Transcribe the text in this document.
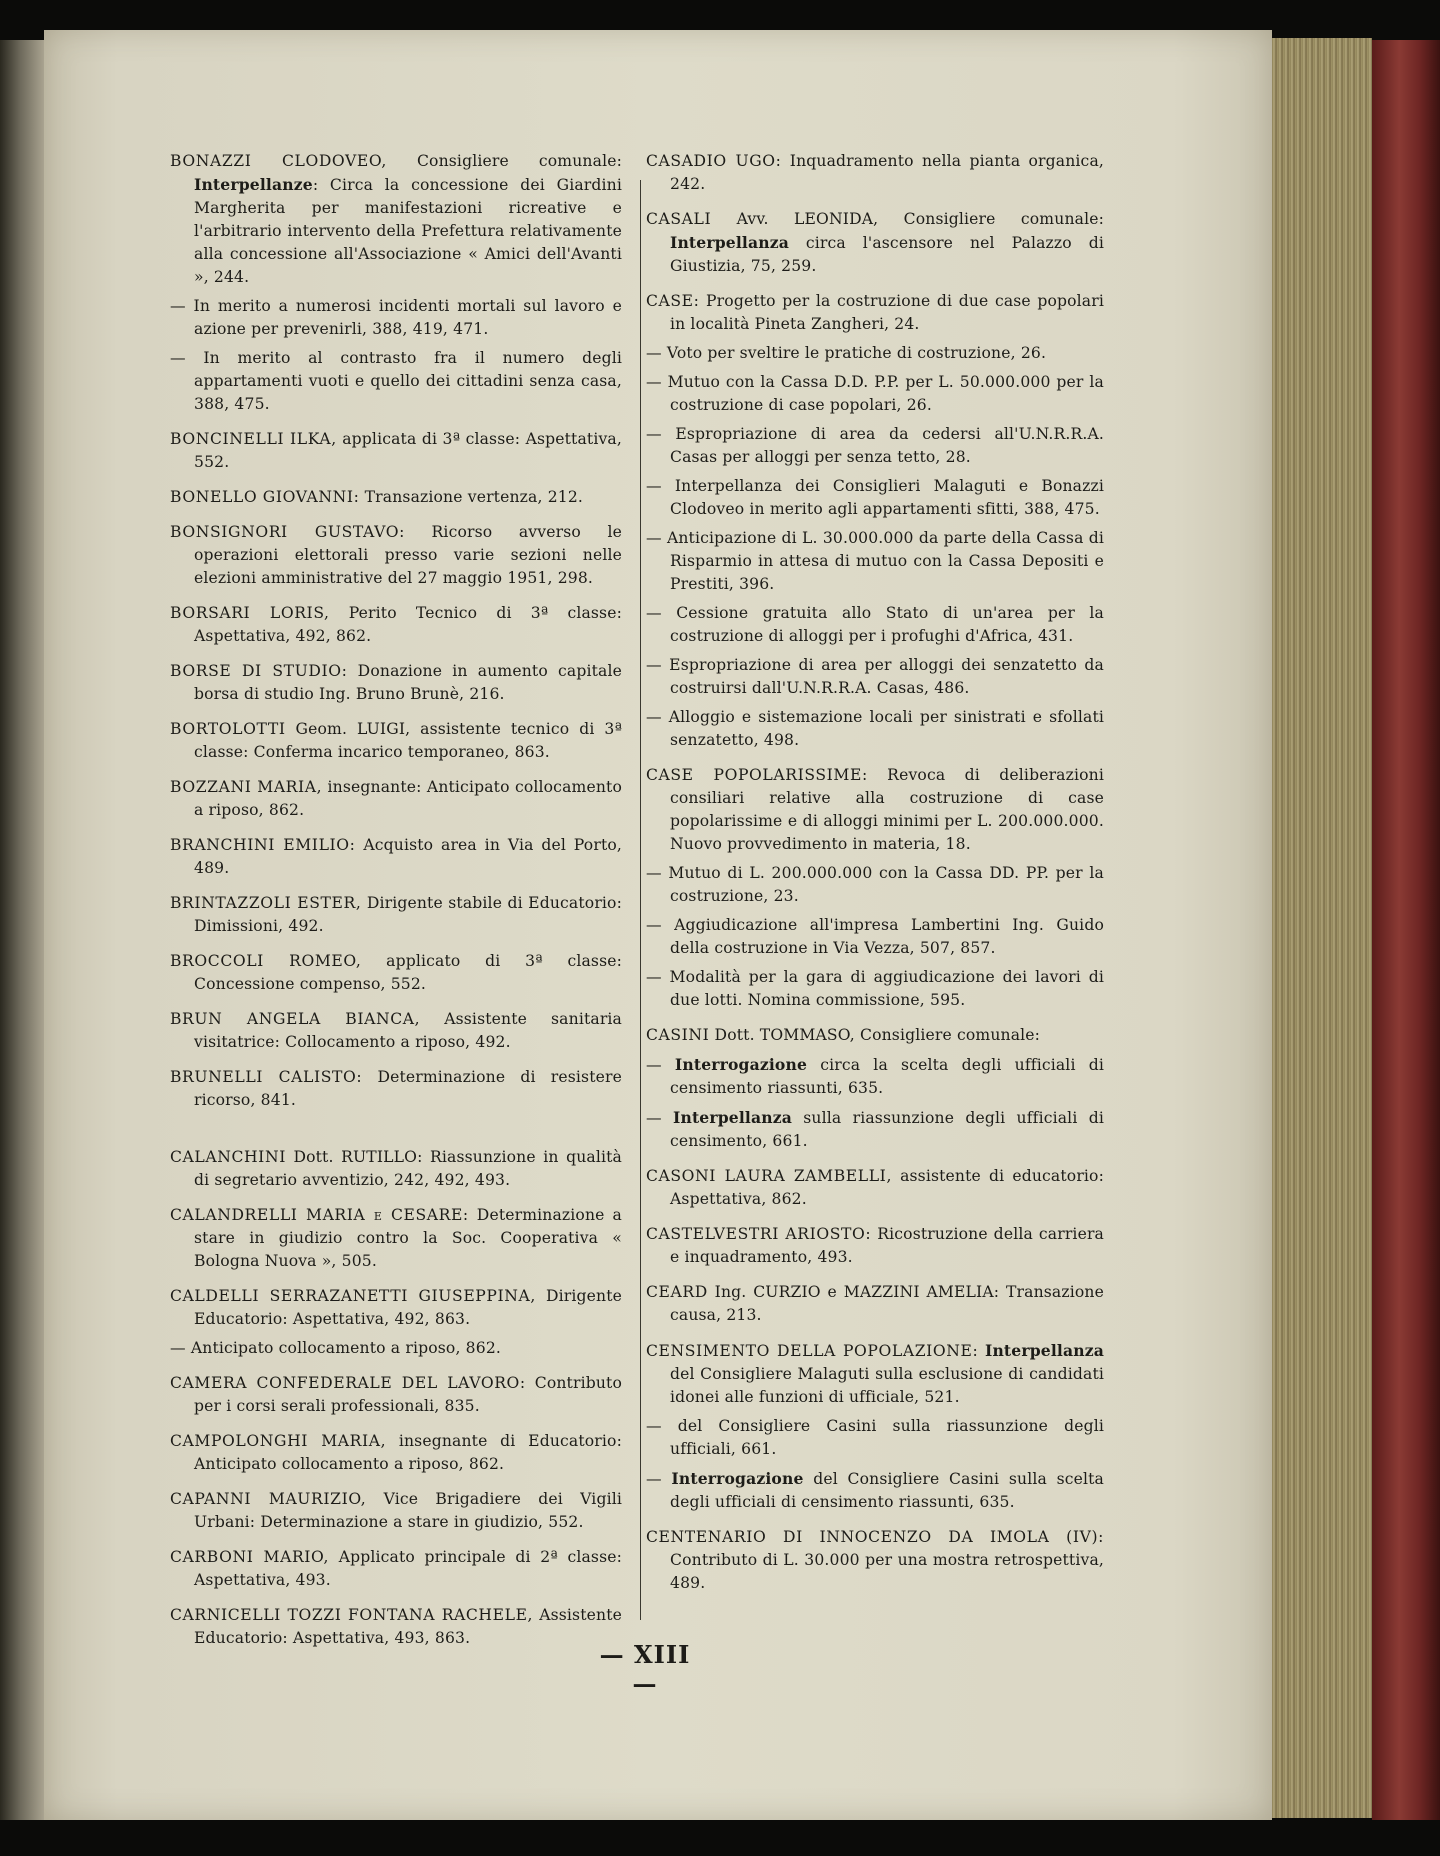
BONAZZI CLODOVEO, Consigliere comunale: Interpellanze: Circa la concessione dei Giardini Margherita per manifestazioni ricreative e l'arbitrario intervento della Prefettura relativamente alla concessione all'Associazione « Amici dell'Avanti », 244.

— In merito a numerosi incidenti mortali sul lavoro e azione per prevenirli, 388, 419, 471.

— In merito al contrasto fra il numero degli appartamenti vuoti e quello dei cittadini senza casa, 388, 475.

BONCINELLI ILKA, applicata di 3ª classe: Aspettativa, 552.

BONELLO GIOVANNI: Transazione vertenza, 212.

BONSIGNORI GUSTAVO: Ricorso avverso le operazioni elettorali presso varie sezioni nelle elezioni amministrative del 27 maggio 1951, 298.

BORSARI LORIS, Perito Tecnico di 3ª classe: Aspettativa, 492, 862.

BORSE DI STUDIO: Donazione in aumento capitale borsa di studio Ing. Bruno Brunè, 216.

BORTOLOTTI Geom. LUIGI, assistente tecnico di 3ª classe: Conferma incarico temporaneo, 863.

BOZZANI MARIA, insegnante: Anticipato collocamento a riposo, 862.

BRANCHINI EMILIO: Acquisto area in Via del Porto, 489.

BRINTAZZOLI ESTER, Dirigente stabile di Educatorio: Dimissioni, 492.

BROCCOLI ROMEO, applicato di 3ª classe: Concessione compenso, 552.

BRUN ANGELA BIANCA, Assistente sanitaria visitatrice: Collocamento a riposo, 492.

BRUNELLI CALISTO: Determinazione di resistere ricorso, 841.

CALANCHINI Dott. RUTILLO: Riassunzione in qualità di segretario avventizio, 242, 492, 493.

CALANDRELLI MARIA e CESARE: Determinazione a stare in giudizio contro la Soc. Cooperativa « Bologna Nuova », 505.

CALDELLI SERRAZANETTI GIUSEPPINA, Dirigente Educatorio: Aspettativa, 492, 863.

— Anticipato collocamento a riposo, 862.

CAMERA CONFEDERALE DEL LAVORO: Contributo per i corsi serali professionali, 835.

CAMPOLONGHI MARIA, insegnante di Educatorio: Anticipato collocamento a riposo, 862.

CAPANNI MAURIZIO, Vice Brigadiere dei Vigili Urbani: Determinazione a stare in giudizio, 552.

CARBONI MARIO, Applicato principale di 2ª classe: Aspettativa, 493.

CARNICELLI TOZZI FONTANA RACHELE, Assistente Educatorio: Aspettativa, 493, 863.

CASADIO UGO: Inquadramento nella pianta organica, 242.

CASALI Avv. LEONIDA, Consigliere comunale: Interpellanza circa l'ascensore nel Palazzo di Giustizia, 75, 259.

CASE: Progetto per la costruzione di due case popolari in località Pineta Zangheri, 24.

— Voto per sveltire le pratiche di costruzione, 26.

— Mutuo con la Cassa D.D. P.P. per L. 50.000.000 per la costruzione di case popolari, 26.

— Espropriazione di area da cedersi all'U.N.R.R.A. Casas per alloggi per senza tetto, 28.

— Interpellanza dei Consiglieri Malaguti e Bonazzi Clodoveo in merito agli appartamenti sfitti, 388, 475.

— Anticipazione di L. 30.000.000 da parte della Cassa di Risparmio in attesa di mutuo con la Cassa Depositi e Prestiti, 396.

— Cessione gratuita allo Stato di un'area per la costruzione di alloggi per i profughi d'Africa, 431.

— Espropriazione di area per alloggi dei senzatetto da costruirsi dall'U.N.R.R.A. Casas, 486.

— Alloggio e sistemazione locali per sinistrati e sfollati senzatetto, 498.

CASE POPOLARISSIME: Revoca di deliberazioni consiliari relative alla costruzione di case popolarissime e di alloggi minimi per L. 200.000.000. Nuovo provvedimento in materia, 18.

— Mutuo di L. 200.000.000 con la Cassa DD. PP. per la costruzione, 23.

— Aggiudicazione all'impresa Lambertini Ing. Guido della costruzione in Via Vezza, 507, 857.

— Modalità per la gara di aggiudicazione dei lavori di due lotti. Nomina commissione, 595.

CASINI Dott. TOMMASO, Consigliere comunale:

— Interrogazione circa la scelta degli ufficiali di censimento riassunti, 635.

— Interpellanza sulla riassunzione degli ufficiali di censimento, 661.

CASONI LAURA ZAMBELLI, assistente di educatorio: Aspettativa, 862.

CASTELVESTRI ARIOSTO: Ricostruzione della carriera e inquadramento, 493.

CEARD Ing. CURZIO e MAZZINI AMELIA: Transazione causa, 213.

CENSIMENTO DELLA POPOLAZIONE: Interpellanza del Consigliere Malaguti sulla esclusione di candidati idonei alle funzioni di ufficiale, 521.

— del Consigliere Casini sulla riassunzione degli ufficiali, 661.

— Interrogazione del Consigliere Casini sulla scelta degli ufficiali di censimento riassunti, 635.

CENTENARIO DI INNOCENZO DA IMOLA (IV): Contributo di L. 30.000 per una mostra retrospettiva, 489.

— XIII —
